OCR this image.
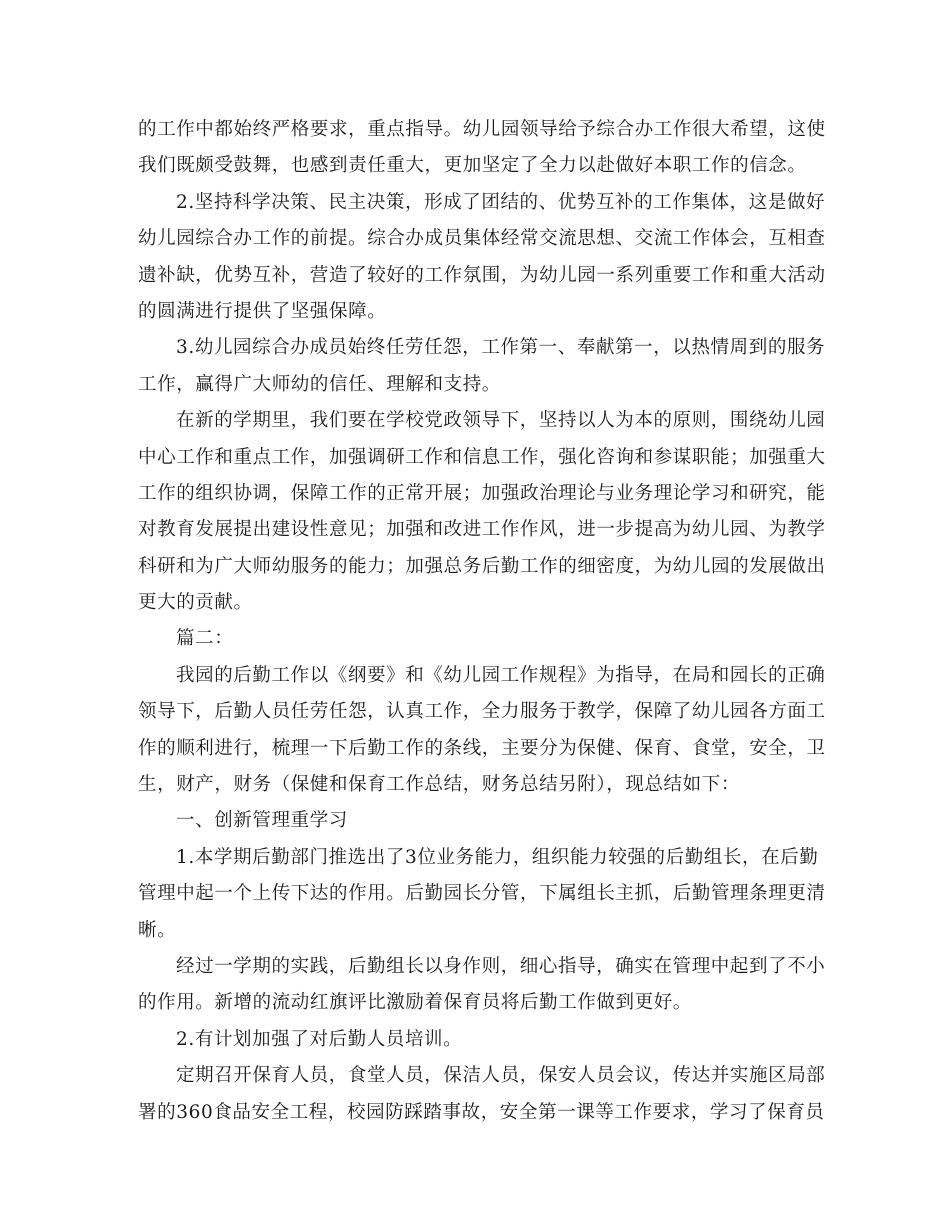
的工作中都始终严格要求，重点指导。幼儿园领导给予综合办工作很大希望，这使
我们既颇受鼓舞，也感到责任重大，更加坚定了全力以赴做好本职工作的信念。
2.坚持科学决策、民主决策，形成了团结的、优势互补的工作集体，这是做好
幼儿园综合办工作的前提。综合办成员集体经常交流思想、交流工作体会，互相查
遗补缺，优势互补，营造了较好的工作氛围，为幼儿园一系列重要工作和重大活动
的圆满进行提供了坚强保障。
3.幼儿园综合办成员始终任劳任怨，工作第一、奉献第一，以热情周到的服务
工作，赢得广大师幼的信任、理解和支持。
在新的学期里，我们要在学校党政领导下，坚持以人为本的原则，围绕幼儿园
中心工作和重点工作，加强调研工作和信息工作，强化咨询和参谋职能；加强重大
工作的组织协调，保障工作的正常开展；加强政治理论与业务理论学习和研究，能
对教育发展提出建设性意见；加强和改进工作作风，进一步提高为幼儿园、为教学
科研和为广大师幼服务的能力；加强总务后勤工作的细密度，为幼儿园的发展做出
更大的贡献。
篇二：
我园的后勤工作以《纲要》和《幼儿园工作规程》为指导，在局和园长的正确
领导下，后勤人员任劳任怨，认真工作，全力服务于教学，保障了幼儿园各方面工
作的顺利进行，梳理一下后勤工作的条线，主要分为保健、保育、食堂，安全，卫
生，财产，财务（保健和保育工作总结，财务总结另附），现总结如下：
一、创新管理重学习
1.本学期后勤部门推选出了3位业务能力，组织能力较强的后勤组长，在后勤
管理中起一个上传下达的作用。后勤园长分管，下属组长主抓，后勤管理条理更清
晰。
经过一学期的实践，后勤组长以身作则，细心指导，确实在管理中起到了不小
的作用。新增的流动红旗评比激励着保育员将后勤工作做到更好。
2.有计划加强了对后勤人员培训。
定期召开保育人员，食堂人员，保洁人员，保安人员会议，传达并实施区局部
署的360食品安全工程，校园防踩踏事故，安全第一课等工作要求，学习了保育员
